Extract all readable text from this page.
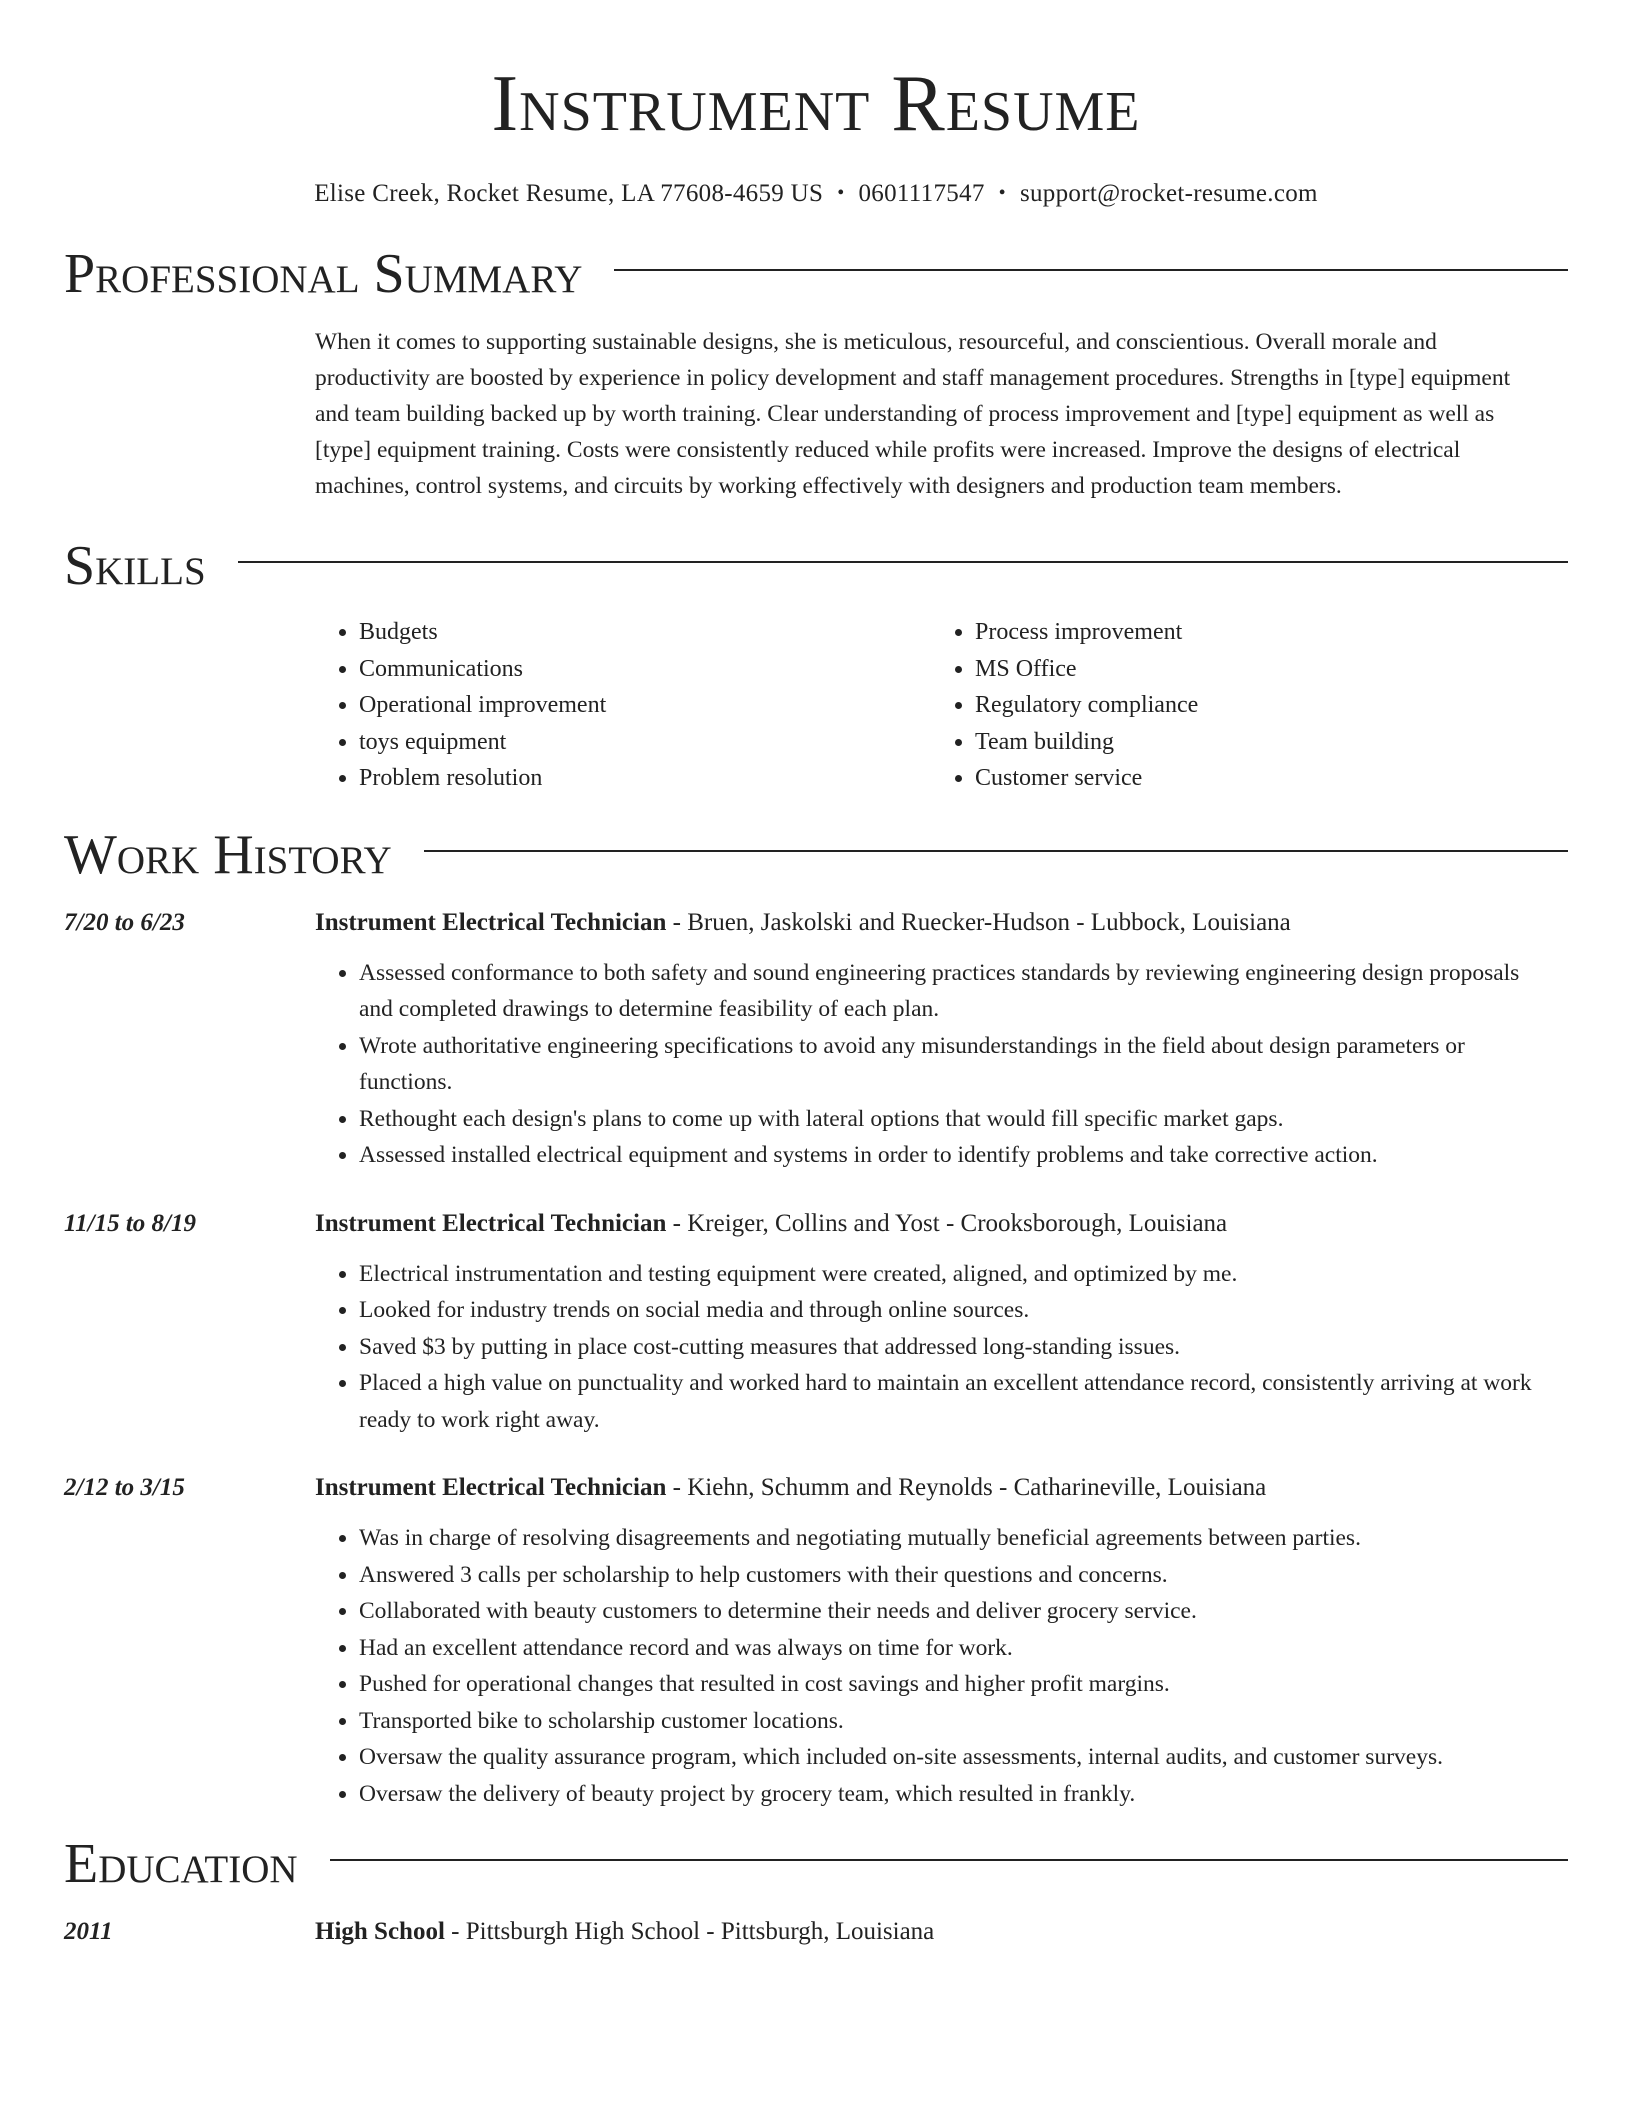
Instrument Resume
Elise Creek, Rocket Resume, LA 77608-4659 US • 0601117547 • support@rocket-resume.com
Professional Summary
When it comes to supporting sustainable designs, she is meticulous, resourceful, and conscientious. Overall morale and productivity are boosted by experience in policy development and staff management procedures. Strengths in [type] equipment and team building backed up by worth training. Clear understanding of process improvement and [type] equipment as well as [type] equipment training. Costs were consistently reduced while profits were increased. Improve the designs of electrical machines, control systems, and circuits by working effectively with designers and production team members.
Skills
• Budgets
• Communications
• Operational improvement
• toys equipment
• Problem resolution
• Process improvement
• MS Office
• Regulatory compliance
• Team building
• Customer service
Work History
7/20 to 6/23	Instrument Electrical Technician - Bruen, Jaskolski and Ruecker-Hudson - Lubbock, Louisiana
• Assessed conformance to both safety and sound engineering practices standards by reviewing engineering design proposals and completed drawings to determine feasibility of each plan.
• Wrote authoritative engineering specifications to avoid any misunderstandings in the field about design parameters or functions.
• Rethought each design's plans to come up with lateral options that would fill specific market gaps.
• Assessed installed electrical equipment and systems in order to identify problems and take corrective action.
11/15 to 8/19	Instrument Electrical Technician - Kreiger, Collins and Yost - Crooksborough, Louisiana
• Electrical instrumentation and testing equipment were created, aligned, and optimized by me.
• Looked for industry trends on social media and through online sources.
• Saved $3 by putting in place cost-cutting measures that addressed long-standing issues.
• Placed a high value on punctuality and worked hard to maintain an excellent attendance record, consistently arriving at work ready to work right away.
2/12 to 3/15	Instrument Electrical Technician - Kiehn, Schumm and Reynolds - Catharineville, Louisiana
• Was in charge of resolving disagreements and negotiating mutually beneficial agreements between parties.
• Answered 3 calls per scholarship to help customers with their questions and concerns.
• Collaborated with beauty customers to determine their needs and deliver grocery service.
• Had an excellent attendance record and was always on time for work.
• Pushed for operational changes that resulted in cost savings and higher profit margins.
• Transported bike to scholarship customer locations.
• Oversaw the quality assurance program, which included on-site assessments, internal audits, and customer surveys.
• Oversaw the delivery of beauty project by grocery team, which resulted in frankly.
Education
2011	High School - Pittsburgh High School - Pittsburgh, Louisiana
